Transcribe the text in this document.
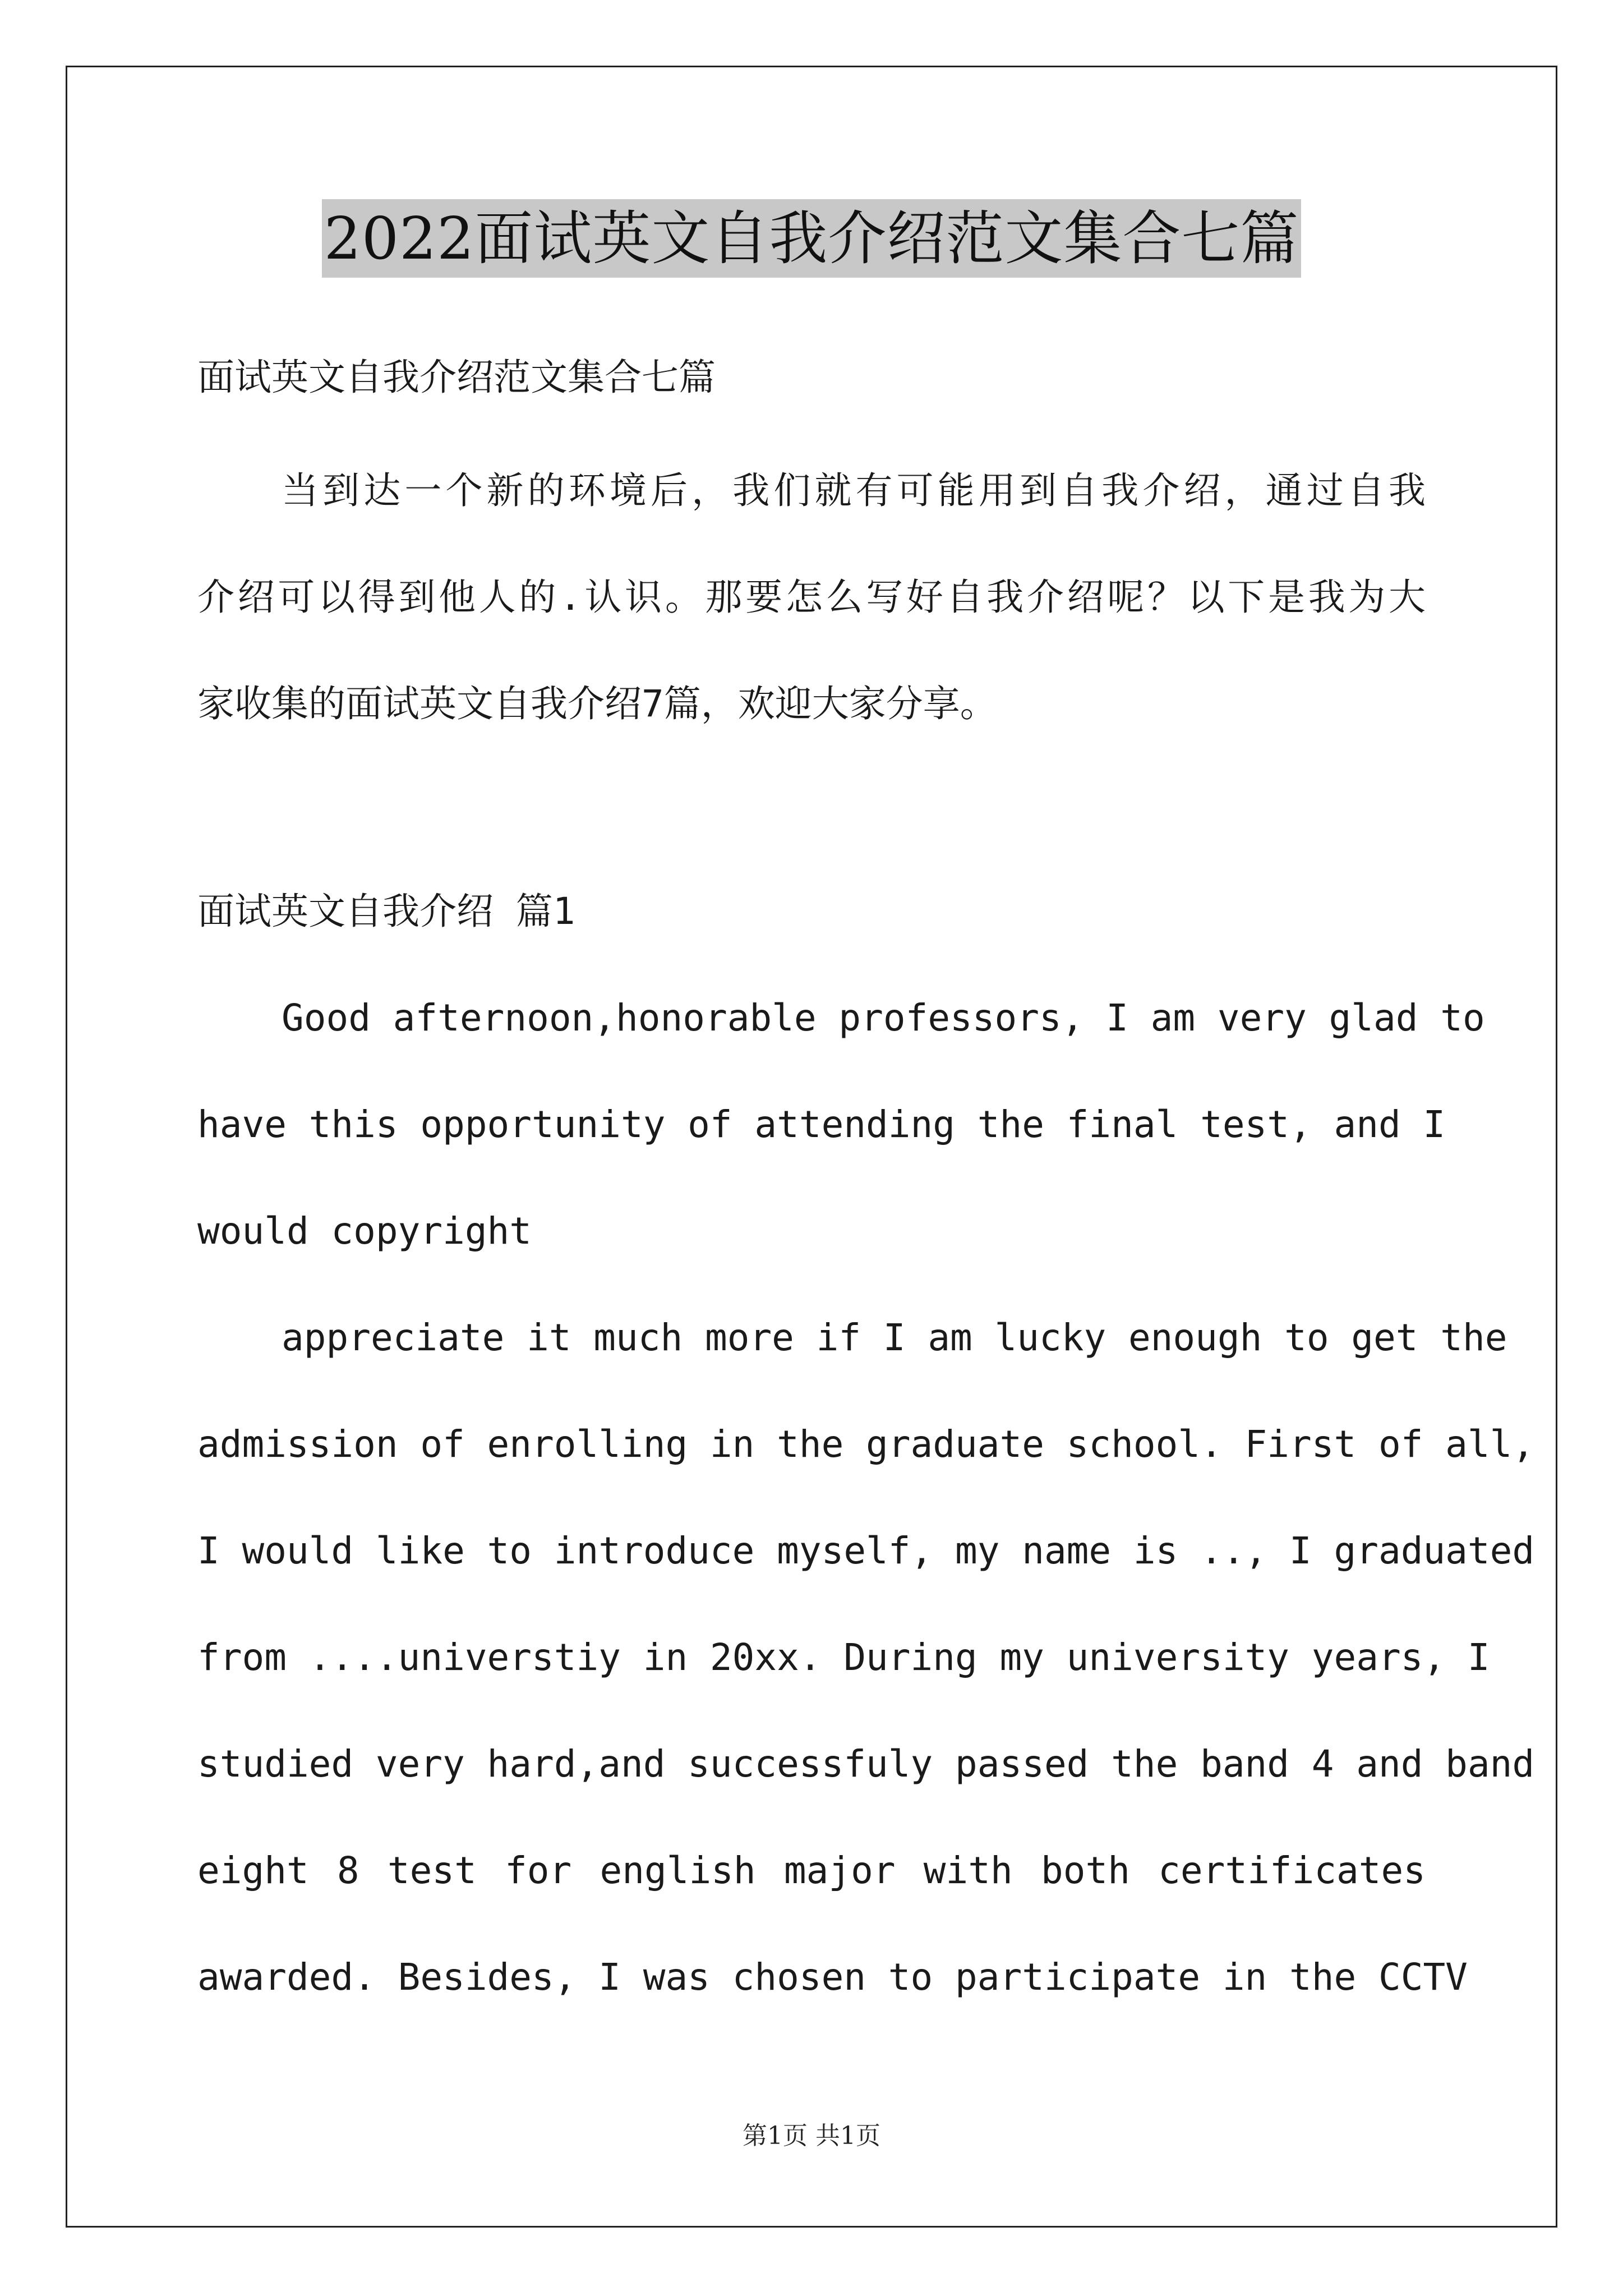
2022面试英文自我介绍范文集合七篇
面试英文自我介绍范文集合七篇
当到达一个新的环境后，我们就有可能用到自我介绍，通过自我
介绍可以得到他人的.认识。那要怎么写好自我介绍呢？以下是我为大
家收集的面试英文自我介绍7篇，欢迎大家分享。
面试英文自我介绍 篇1
Good afternoon,honorable professors, I am very glad to
have this opportunity of attending the final test, and I
would copyright
appreciate it much more if I am lucky enough to get the
admission of enrolling in the graduate school. First of all,
I would like to introduce myself, my name is .., I graduated
from ....universtiy in 20xx. During my university years, I
studied very hard,and successfuly passed the band 4 and band
eight 8 test for english major with both certificates
awarded. Besides, I was chosen to participate in the CCTV
第1页 共1页
